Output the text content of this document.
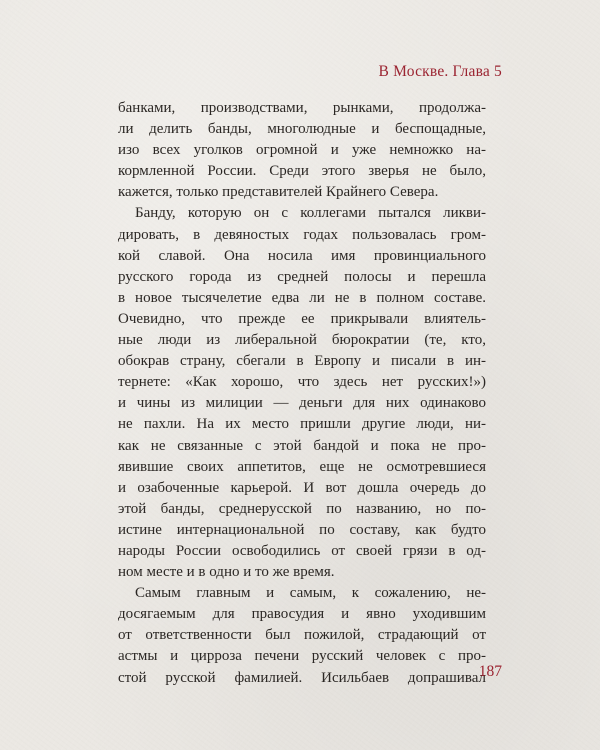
В Москве. Глава 5
банками, производствами, рынками, продолжа-
ли делить банды, многолюдные и беспощадные,
изо всех уголков огромной и уже немножко на-
кормленной России. Среди этого зверья не было,
кажется, только представителей Крайнего Севера.
Банду, которую он с коллегами пытался ликви-
дировать, в девяностых годах пользовалась гром-
кой славой. Она носила имя провинциального
русского города из средней полосы и перешла
в новое тысячелетие едва ли не в полном составе.
Очевидно, что прежде ее прикрывали влиятель-
ные люди из либеральной бюрократии (те, кто,
обокрав страну, сбегали в Европу и писали в ин-
тернете: «Как хорошо, что здесь нет русских!»)
и чины из милиции — деньги для них одинаково
не пахли. На их место пришли другие люди, ни-
как не связанные с этой бандой и пока не про-
явившие своих аппетитов, еще не осмотревшиеся
и озабоченные карьерой. И вот дошла очередь до
этой банды, среднерусской по названию, но по-
истине интернациональной по составу, как будто
народы России освободились от своей грязи в од-
ном месте и в одно и то же время.
Самым главным и самым, к сожалению, не-
досягаемым для правосудия и явно уходившим
от ответственности был пожилой, страдающий от
астмы и цирроза печени русский человек с про-
стой русской фамилией. Исильбаев допрашивал
187
